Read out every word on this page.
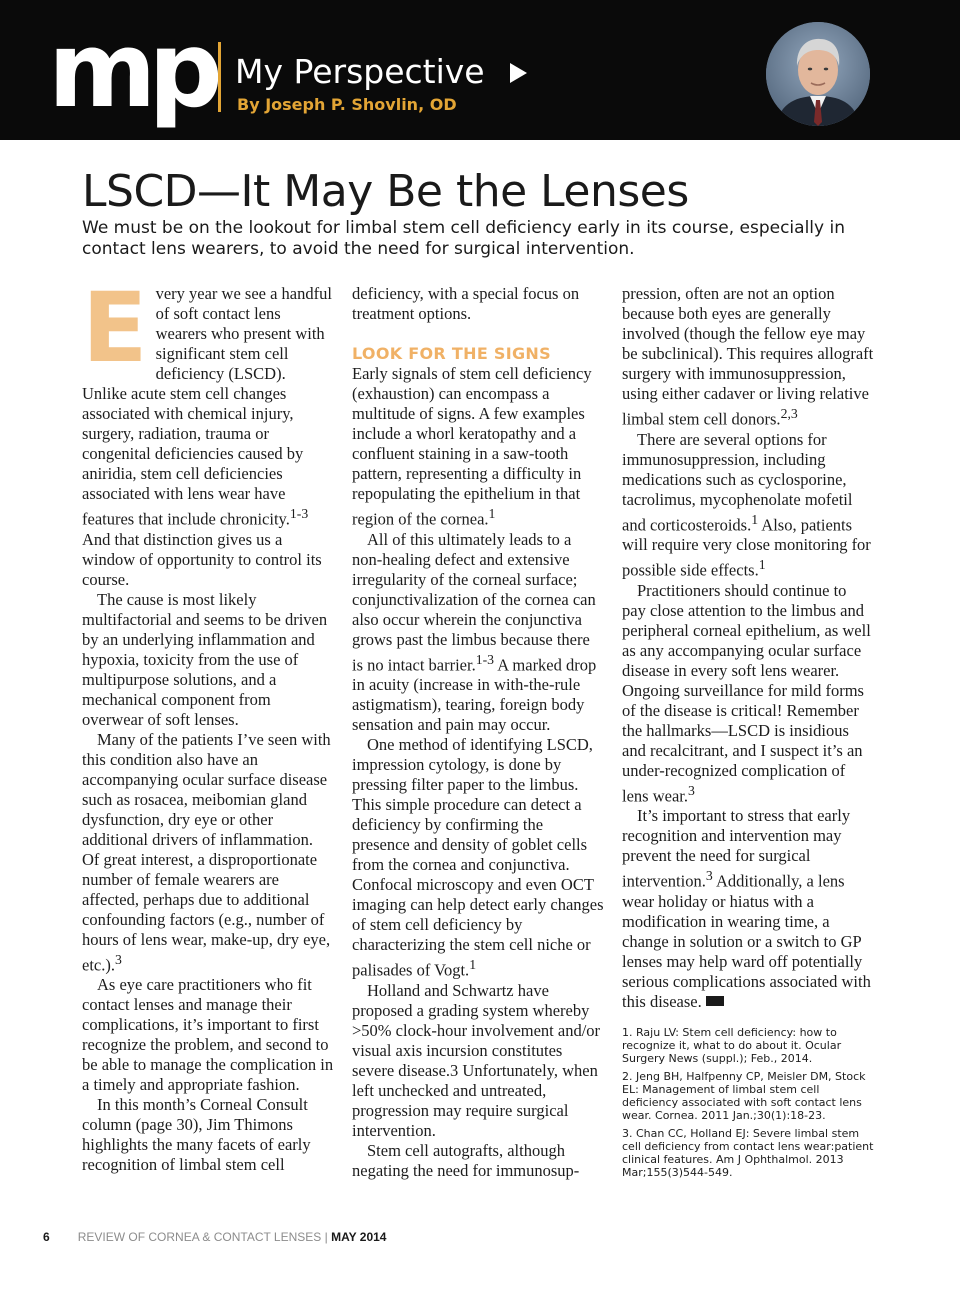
mp My Perspective
By Joseph P. Shovlin, OD
LSCD—It May Be the Lenses

We must be on the lookout for limbal stem cell deficiency early in its course, especially in contact lens wearers, to avoid the need for surgical intervention.

Every year we see a handful of soft contact lens wearers who present with significant stem cell deficiency (LSCD). Unlike acute stem cell changes associated with chemical injury, surgery, radiation, trauma or congenital deficiencies caused by aniridia, stem cell deficiencies associated with lens wear have features that include chronicity.$^{1-3}$ And that distinction gives us a window of opportunity to control its course.

The cause is most likely multifactorial and seems to be driven by an underlying inflammation and hypoxia, toxicity from the use of multipurpose solutions, and a mechanical component from overwear of soft lenses.

Many of the patients I’ve seen with this condition also have an accompanying ocular surface disease such as rosacea, meibomian gland dysfunction, dry eye or other additional drivers of inflammation. Of great interest, a disproportionate number of female wearers are affected, perhaps due to additional confounding factors (e.g., number of hours of lens wear, make-up, dry eye, etc.).$^3$

As eye care practitioners who fit contact lenses and manage their complications, it’s important to first recognize the problem, and second to be able to manage the complication in a timely and appropriate fashion.

In this month’s Corneal Consult column (page 30), Jim Thimons highlights the many facets of early recognition of limbal stem cell

deficiency, with a special focus on treatment options.

LOOK FOR THE SIGNS

Early signals of stem cell deficiency (exhaustion) can encompass a multitude of signs. A few examples include a whorl keratopathy and a confluent staining in a saw-tooth pattern, representing a difficulty in repopulating the epithelium in that region of the cornea.$^1$

All of this ultimately leads to a non-healing defect and extensive irregularity of the corneal surface; conjunctivalization of the cornea can also occur wherein the conjunctiva grows past the limbus because there is no intact barrier.$^{1-3}$ A marked drop in acuity (increase in with-the-rule astigmatism), tearing, foreign body sensation and pain may occur.

One method of identifying LSCD, impression cytology, is done by pressing filter paper to the limbus. This simple procedure can detect a deficiency by confirming the presence and density of goblet cells from the cornea and conjunctiva. Confocal microscopy and even OCT imaging can help detect early changes of stem cell deficiency by characterizing the stem cell niche or palisades of Vogt.$^1$

Holland and Schwartz have proposed a grading system whereby >50% clock-hour involvement and/or visual axis incursion constitutes severe disease.3 Unfortunately, when left unchecked and untreated, progression may require surgical intervention.

Stem cell autografts, although negating the need for immunosup-

pression, often are not an option because both eyes are generally involved (though the fellow eye may be subclinical). This requires allograft surgery with immunosuppression, using either cadaver or living relative limbal stem cell donors.$^{2,3}$

There are several options for immunosuppression, including medications such as cyclosporine, tacrolimus, mycophenolate mofetil and corticosteroids.$^1$ Also, patients will require very close monitoring for possible side effects.$^1$

Practitioners should continue to pay close attention to the limbus and peripheral corneal epithelium, as well as any accompanying ocular surface disease in every soft lens wearer. Ongoing surveillance for mild forms of the disease is critical! Remember the hallmarks—LSCD is insidious and recalcitrant, and I suspect it’s an under-recognized complication of lens wear.$^3$

It’s important to stress that early recognition and intervention may prevent the need for surgical intervention.$^3$ Additionally, a lens wear holiday or hiatus with a modification in wearing time, a change in solution or a switch to GP lenses may help ward off potentially serious complications associated with this disease.

1. Raju LV: Stem cell deficiency: how to recognize it, what to do about it. Ocular Surgery News (suppl.); Feb., 2014.
2. Jeng BH, Halfpenny CP, Meisler DM, Stock EL: Management of limbal stem cell deficiency associated with soft contact lens wear. Cornea. 2011 Jan.;30(1):18-23.
3. Chan CC, Holland EJ: Severe limbal stem cell deficiency from contact lens wear:patient clinical features. Am J Ophthalmol. 2013 Mar;155(3)544-549.
6 REVIEW OF CORNEA & CONTACT LENSES | MAY 2014
